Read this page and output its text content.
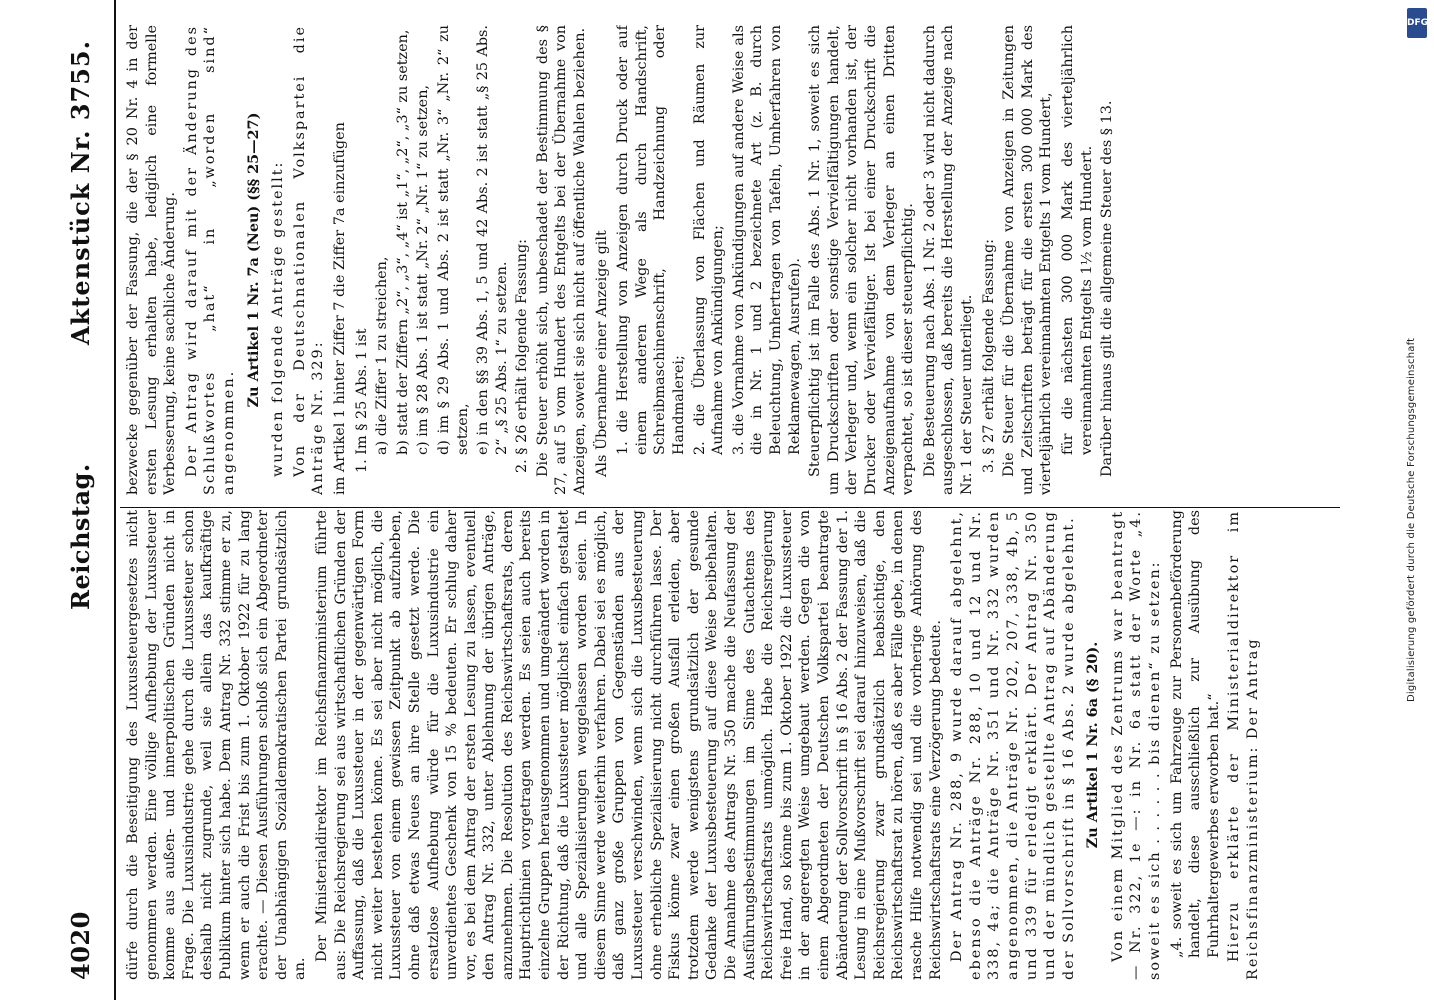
4020
Reichstag.
Aktenstück Nr. 3755.

dürfe durch die Beseitigung des Luxussteuergesetzes nicht genommen werden. Eine völlige Aufhebung der Luxussteuer komme aus außen- und innerpolitischen Gründen nicht in Frage. Die Luxusindustrie gehe durch die Luxussteuer schon deshalb nicht zugrunde, weil sie allein das kaufkräftige Publikum hinter sich habe. Dem Antrag Nr. 332 stimme er zu, wenn er auch die Frist bis zum 1. Oktober 1922 für zu lang erachte. — Diesen Ausführungen schloß sich ein Abgeordneter der Unabhängigen Sozialdemokratischen Partei grundsätzlich an.

Der Ministerialdirektor im Reichsfinanzministerium führte aus: Die Reichsregierung sei aus wirtschaftlichen Gründen der Auffassung, daß die Luxussteuer in der gegenwärtigen Form nicht weiter bestehen könne. Es sei aber nicht möglich, die Luxussteuer von einem gewissen Zeitpunkt ab aufzuheben, ohne daß etwas Neues an ihre Stelle gesetzt werde. Die ersatzlose Aufhebung würde für die Luxusindustrie ein unverdientes Geschenk von 15 % bedeuten. Er schlug daher vor, es bei dem Antrag der ersten Lesung zu lassen, eventuell den Antrag Nr. 332, unter Ablehnung der übrigen Anträge, anzunehmen. Die Resolution des Reichswirtschaftsrats, deren Hauptrichtlinien vorgetragen werden. Es seien auch bereits einzelne Gruppen herausgenommen und umgeändert worden in der Richtung, daß die Luxussteuer möglichst einfach gestaltet und alle Spezialisierungen weggelassen worden seien. In diesem Sinne werde weiterhin verfahren. Dabei sei es möglich, daß ganz große Gruppen von Gegenständen aus der Luxussteuer verschwinden, wenn sich die Luxusbesteuerung ohne erhebliche Spezialisierung nicht durchführen lasse. Der Fiskus könne zwar einen großen Ausfall erleiden, aber trotzdem werde wenigstens grundsätzlich der gesunde Gedanke der Luxusbesteuerung auf diese Weise beibehalten. Die Annahme des Antrags Nr. 350 mache die Neufassung der Ausführungsbestimmungen im Sinne des Gutachtens des Reichswirtschaftsrats unmöglich. Habe die Reichsregierung freie Hand, so könne bis zum 1. Oktober 1922 die Luxussteuer in der angeregten Weise umgebaut werden. Gegen die von einem Abgeordneten der Deutschen Volkspartei beantragte Abänderung der Sollvorschrift in § 16 Abs. 2 der Fassung der 1. Lesung in eine Mußvorschrift sei darauf hinzuweisen, daß die Reichsregierung zwar grundsätzlich beabsichtige, den Reichswirtschaftsrat zu hören, daß es aber Fälle gebe, in denen rasche Hilfe notwendig sei und die vorherige Anhörung des Reichswirtschaftsrats eine Verzögerung bedeute. Der Antrag Nr. 288, 9 wurde darauf abgelehnt, ebenso die Anträge Nr. 288, 10 und 12 und Nr. 338, 4a; die Anträge Nr. 351 und Nr. 332 wurden angenommen, die Anträge Nr. 202, 207, 338, 4b, 5 und 339 für erledigt erklärt. Der Antrag Nr. 350 und der mündlich gestellte Antrag auf Abänderung der Sollvorschrift in § 16 Abs. 2 wurde abgelehnt. Zu Artikel 1 Nr. 6a (§ 20). Von einem Mitglied des Zentrums war beantragt — Nr. 322, 1e —: in Nr. 6a statt der Worte „4. soweit es sich . . . . . . bis dienen“ zu setzen: „4. soweit es sich um Fahrzeuge zur Personenbeförderung handelt, diese ausschließlich zur Ausübung des Fuhrhaltergewerbes erworben hat.“ Hierzu erklärte der Ministerialdirektor im Reichsfinanzministerium: Der Antrag

bezwecke gegenüber der Fassung, die der § 20 Nr. 4 in der ersten Lesung erhalten habe, lediglich eine formelle Verbesserung, keine sachliche Änderung. Der Antrag wird darauf mit der Änderung des Schlußwortes „hat“ in „worden sind“ angenommen.

Zu Artikel 1 Nr. 7a (Neu) (§§ 25—27) wurden folgende Anträge gestellt: Von der Deutschnationalen Volkspartei die Anträge Nr. 329: im Artikel 1 hinter Ziffer 7 die Ziffer 7a einzufügen 1. Im § 25 Abs. 1 ist a) die Ziffer 1 zu streichen, b) statt der Ziffern „2“, „3“, „4“ ist „1“, „2“, „3“ zu setzen, c) im § 28 Abs. 1 ist statt „Nr. 2“ „Nr. 1“ zu setzen, d) im § 29 Abs. 1 und Abs. 2 ist statt „Nr. 3“ „Nr. 2“ zu setzen, e) in den §§ 39 Abs. 1, 5 und 42 Abs. 2 ist statt „§ 25 Abs. 2“ „§ 25 Abs. 1“ zu setzen. 2. § 26 erhält folgende Fassung: Die Steuer erhöht sich, unbeschadet der Bestimmung des § 27, auf 5 vom Hundert des Entgelts bei der Übernahme von Anzeigen, soweit sie sich nicht auf öffentliche Wahlen beziehen. Als Übernahme einer Anzeige gilt 1. die Herstellung von Anzeigen durch Druck oder auf einem anderen Wege als durch Handschrift, Schreibmaschinenschrift, Handzeichnung oder Handmalerei; 2. die Überlassung von Flächen und Räumen zur Aufnahme von Ankündigungen; 3. die Vornahme von Ankündigungen auf andere Weise als die in Nr. 1 und 2 bezeichnete Art (z. B. durch Beleuchtung, Umhertragen von Tafeln, Umherfahren von Reklamewagen, Ausrufen). Steuerpflichtig ist im Falle des Abs. 1 Nr. 1, soweit es sich um Druckschriften oder sonstige Vervielfältigungen handelt, der Verleger und, wenn ein solcher nicht vorhanden ist, der Drucker oder Vervielfältiger. Ist bei einer Druckschrift die Anzeigenaufnahme von dem Verleger an einen Dritten verpachtet, so ist dieser steuerpflichtig. Die Besteuerung nach Abs. 1 Nr. 2 oder 3 wird nicht dadurch ausgeschlossen, daß bereits die Herstellung der Anzeige nach Nr. 1 der Steuer unterliegt. 3. § 27 erhält folgende Fassung: Die Steuer für die Übernahme von Anzeigen in Zeitungen und Zeitschriften beträgt für die ersten 300 000 Mark des vierteljährlich vereinnahmten Entgelts 1 vom Hundert, für die nächsten 300 000 Mark des vierteljährlich vereinnahmten Entgelts 1½ vom Hundert. Darüber hinaus gilt die allgemeine Steuer des § 13.

DFG
Digitalisierung gefördert durch die Deutsche Forschungsgemeinschaft
